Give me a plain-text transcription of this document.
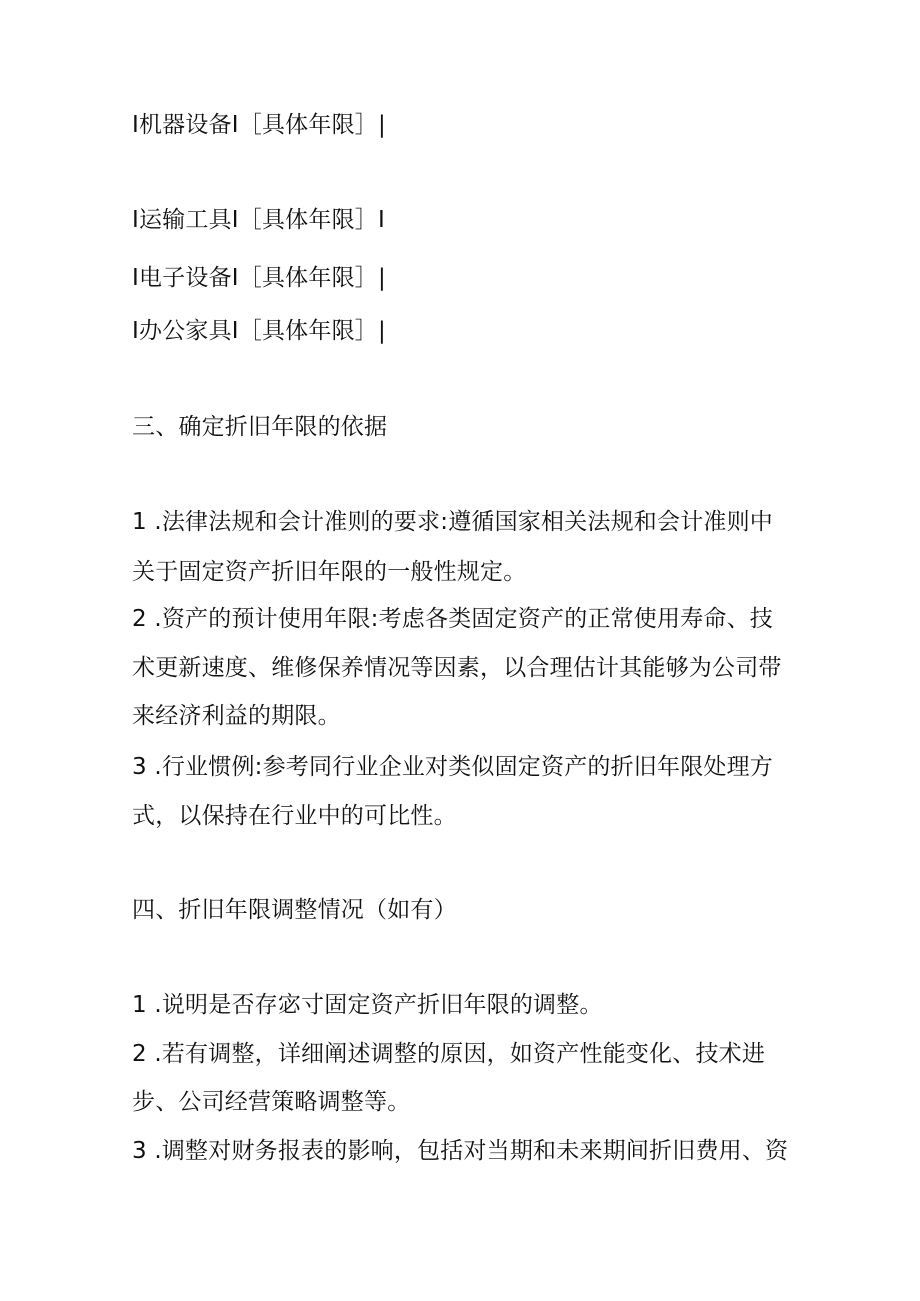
I机器设备I［具体年限］|
I运输工具I［具体年限］I
I电子设备I［具体年限］|
I办公家具I［具体年限］|
三、确定折旧年限的依据
1 .法律法规和会计准则的要求:遵循国家相关法规和会计准则中
关于固定资产折旧年限的一般性规定。
2 .资产的预计使用年限:考虑各类固定资产的正常使用寿命、技
术更新速度、维修保养情况等因素，以合理估计其能够为公司带
来经济利益的期限。
3 .行业惯例:参考同行业企业对类似固定资产的折旧年限处理方
式，以保持在行业中的可比性。
四、折旧年限调整情况（如有）
1 .说明是否存宓寸固定资产折旧年限的调整。
2 .若有调整，详细阐述调整的原因，如资产性能变化、技术进
步、公司经营策略调整等。
3 .调整对财务报表的影响，包括对当期和未来期间折旧费用、资
